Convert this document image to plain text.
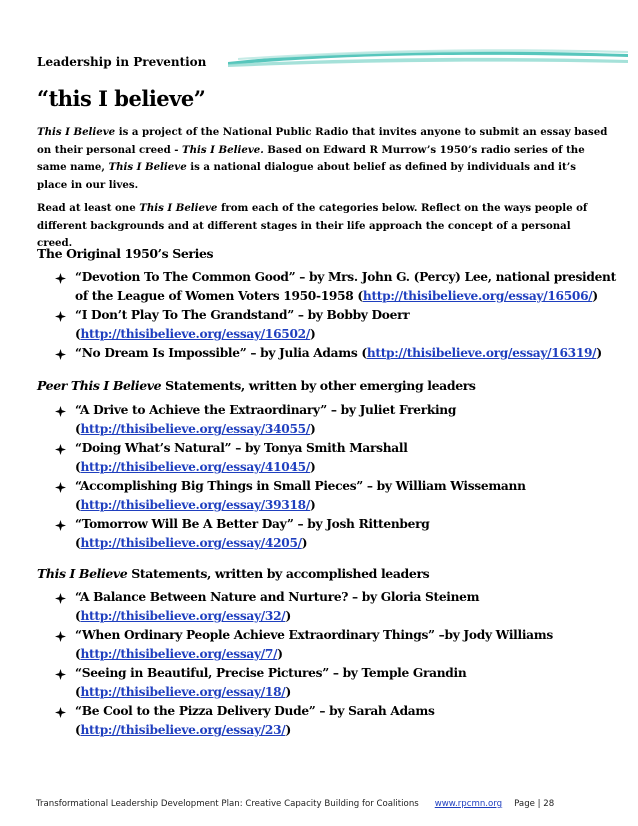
Leadership in Prevention
“this I believe”

This I Believe is a project of the National Public Radio that invites anyone to submit an essay based on their personal creed - This I Believe. Based on Edward R Murrow’s 1950’s radio series of the same name, This I Believe is a national dialogue about belief as defined by individuals and it’s place in our lives.

Read at least one This I Believe from each of the categories below. Reflect on the ways people of different backgrounds and at different stages in their life approach the concept of a personal creed.

The Original 1950’s Series
“Devotion To The Common Good” – by Mrs. John G. (Percy) Lee, national president of the League of Women Voters 1950-1958 (http://thisibelieve.org/essay/16506/)
“I Don’t Play To The Grandstand” – by Bobby Doerr (http://thisibelieve.org/essay/16502/)
“No Dream Is Impossible” – by Julia Adams (http://thisibelieve.org/essay/16319/)
Peer This I Believe Statements, written by other emerging leaders
“A Drive to Achieve the Extraordinary” – by Juliet Frerking (http://thisibelieve.org/essay/34055/)
“Doing What’s Natural” – by Tonya Smith Marshall (http://thisibelieve.org/essay/41045/)
“Accomplishing Big Things in Small Pieces” – by William Wissemann (http://thisibelieve.org/essay/39318/)
“Tomorrow Will Be A Better Day” – by Josh Rittenberg (http://thisibelieve.org/essay/4205/)
This I Believe Statements, written by accomplished leaders
“A Balance Between Nature and Nurture? – by Gloria Steinem (http://thisibelieve.org/essay/32/)
“When Ordinary People Achieve Extraordinary Things” –by Jody Williams (http://thisibelieve.org/essay/7/)
“Seeing in Beautiful, Precise Pictures” – by Temple Grandin (http://thisibelieve.org/essay/18/)
“Be Cool to the Pizza Delivery Dude” – by Sarah Adams (http://thisibelieve.org/essay/23/)
Transformational Leadership Development Plan: Creative Capacity Building for Coalitions www.rpcmn.org Page | 28
